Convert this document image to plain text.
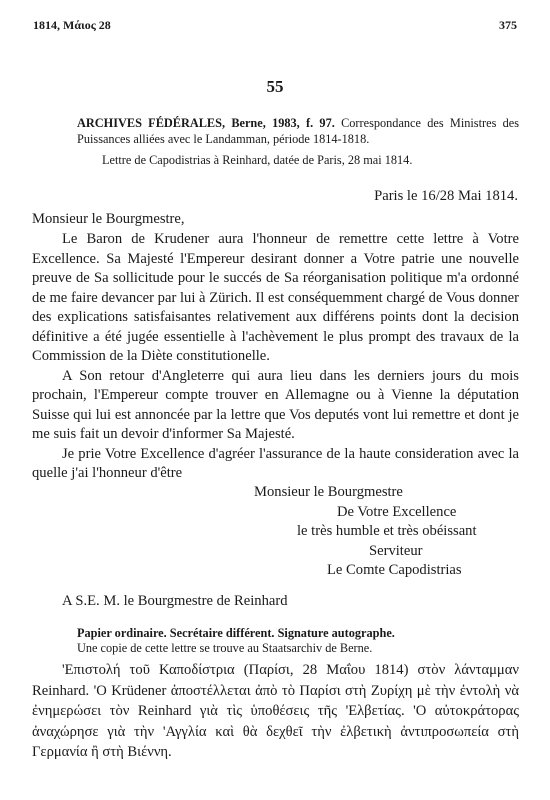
1814, Μάιος 28	375
55
ARCHIVES FÉDÉRALES, Berne, 1983, f. 97. Correspondance des Ministres des Puissances alliées avec le Landamman, période 1814-1818.
Lettre de Capodistrias à Reinhard, datée de Paris, 28 mai 1814.
Paris le 16/28 Mai 1814.
Monsieur le Bourgmestre,

Le Baron de Krudener aura l'honneur de remettre cette lettre à Votre Excellence. Sa Majesté l'Empereur desirant donner a Votre patrie une nouvelle preuve de Sa sollicitude pour le succés de Sa réorganisation politique m'a ordonné de me faire devancer par lui à Zürich. Il est conséquemment chargé de Vous donner des explications satisfaisantes relativement aux différens points dont la decision définitive a été jugée essentielle à l'achèvement le plus prompt des travaux de la Commission de la Diète constitutionelle.

A Son retour d'Angleterre qui aura lieu dans les derniers jours du mois prochain, l'Empereur compte trouver en Allemagne ou à Vienne la députation Suisse qui lui est annoncée par la lettre que Vos deputés vont lui remettre et dont je me suis fait un devoir d'informer Sa Majesté.

Je prie Votre Excellence d'agréer l'assurance de la haute consideration avec la quelle j'ai l'honneur d'être

Monsieur le Bourgmestre
De Votre Excellence
le très humble et très obéissant
Serviteur
Le Comte Capodistrias
A S.E. M. le Bourgmestre de Reinhard
Papier ordinaire. Secrétaire différent. Signature autographe.
Une copie de cette lettre se trouve au Staatsarchiv de Berne.

'Επιστολή τοῦ Καποδίστρια (Παρίσι, 28 Μαΐου 1814) στὸν λάνταμμαν Reinhard. 'Ο Krüdener ἀποστέλλεται ἀπὸ τὸ Παρίσι στὴ Ζυρίχη μὲ τὴν ἐντολὴ νὰ ἐνημερώσει τὸν Reinhard γιὰ τὶς ὑποθέσεις τῆς 'Ελβετίας. 'Ο αὐτοκράτορας ἀναχώρησε γιὰ τὴν 'Αγγλία καὶ θὰ δεχθεῖ τὴν ἐλβετικὴ ἀντιπροσωπεία στὴ Γερμανία ἢ στὴ Βιέννη.
